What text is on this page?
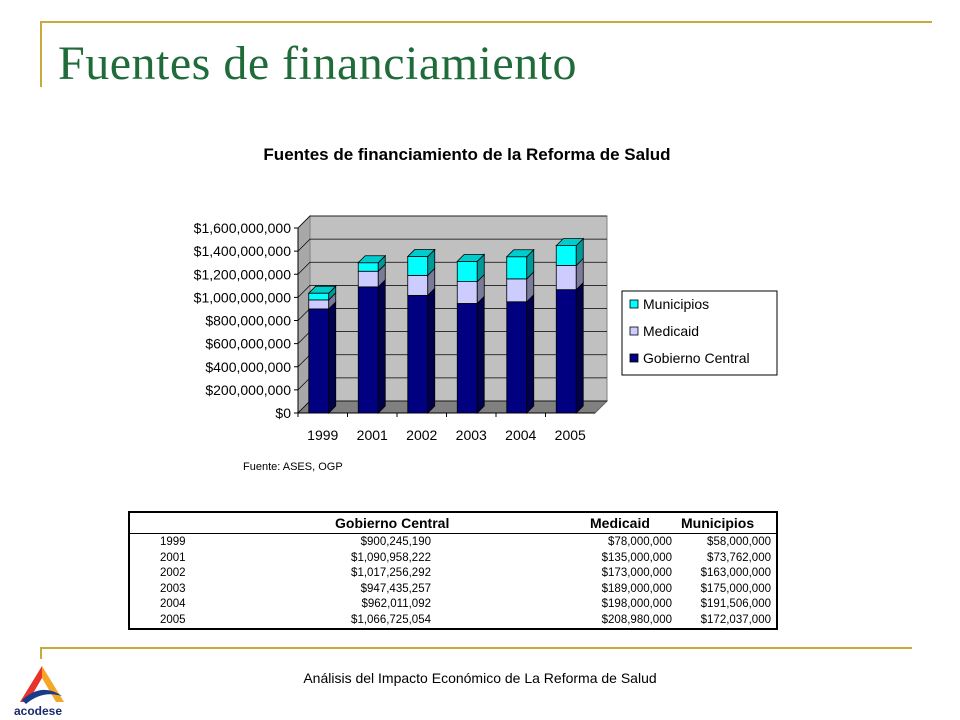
Fuentes de financiamiento
Fuentes de financiamiento de la Reforma de Salud
$1,600,000,000
$1,400,000,000
$1,200,000,000
$1,000,000,000
$800,000,000
$600,000,000
$400,000,000
$200,000,000
$0
1999 2001 2002 2003 2004 2005
Municipios
Medicaid
Gobierno Central
Fuente: ASES, OGP
Gobierno Central	Medicaid Municipios
1999	$900,245,190	$78,000,000	$58,000,000
2001	$1,090,958,222	$135,000,000	$73,762,000
2002	$1,017,256,292	$173,000,000 $163,000,000
2003	$947,435,257	$189,000,000 $175,000,000
2004	$962,011,092	$198,000,000 $191,506,000
2005	$1,066,725,054	$208,980,000 $172,037,000
Análisis del Impacto Económico de La Reforma de Salud
acodese
